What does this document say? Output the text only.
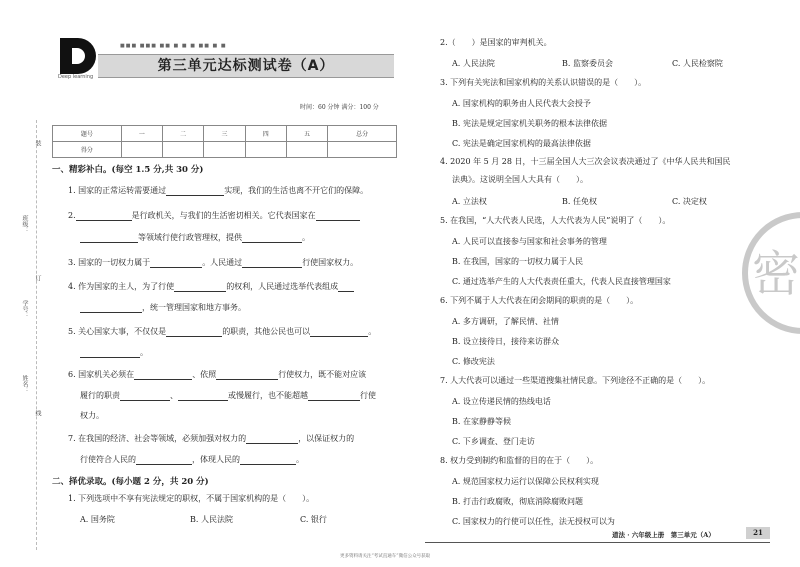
班级：
学号：
姓名：
装
订
线
Deep learning
■■■ ■■■ ■■ ■ ■ ■ ■■ ■ ■
第三单元达标测试卷（A）
时间：60 分钟 满分：100 分
题号	一	二	三	四	五	总分
得分						
一、精彩补白。(每空 1.5 分,共 30 分)
1. 国家的正常运转需要通过	实现，我们的生活也离不开它们的保障。
2.	是行政机关，与我们的生活密切相关。它代表国家在
等领域行使行政管理权，提供	。
3. 国家的一切权力属于	。人民通过	行使国家权力。
4. 作为国家的主人，为了行使	的权利，人民通过选举代表组成
，统一管理国家和地方事务。
5. 关心国家大事，不仅仅是	的职责，其他公民也可以	。
。
6. 国家机关必须在	、依照	行使权力，既不能对应该
履行的职责	、	或慢履行，也不能超越	行使
权力。
7. 在我国的经济、社会等领域，必须加强对权力的	，以保证权力的
行使符合人民的	，体现人民的	。
二、择优录取。(每小题 2 分，共 20 分)
1. 下列选项中不享有宪法规定的职权，不属于国家机构的是（　　）。
A. 国务院	B. 人民法院	C. 银行
2.（　　）是国家的审判机关。
A. 人民法院	B. 监察委员会	C. 人民检察院
3. 下列有关宪法和国家机构的关系认识错误的是（　　）。
A. 国家机构的职务由人民代表大会授予
B. 宪法是规定国家机关职务的根本法律依据
C. 宪法是确定国家机构的最高法律依据
4. 2020 年 5 月 28 日，十三届全国人大三次会议表决通过了《中华人民共和国民
法典》。这说明全国人大具有（　　）。
A. 立法权	B. 任免权	C. 决定权
5. 在我国，“人大代表人民选，人大代表为人民”说明了（　　）。
A. 人民可以直接参与国家和社会事务的管理
B. 在我国，国家的一切权力属于人民
C. 通过选举产生的人大代表责任重大，代表人民直接管理国家
6. 下列不属于人大代表在闭会期间的职责的是（　　）。
A. 多方调研，了解民情、社情
B. 设立接待日，接待来访群众
C. 修改宪法
7. 人大代表可以通过一些渠道搜集社情民意。下列途径不正确的是（　　）。
A. 设立传递民情的热线电话
B. 在家静静等候
C. 下乡调查、登门走访
8. 权力受到制约和监督的目的在于（　　）。
A. 规范国家权力运行以保障公民权利实现
B. 打击行政腐败，彻底消除腐败问题
C. 国家权力的行使可以任性，法无授权可以为
密
道法 · 六年级上册　第三单元（A）	21
更多资料请关注“考试直通车”微信公众号获取
